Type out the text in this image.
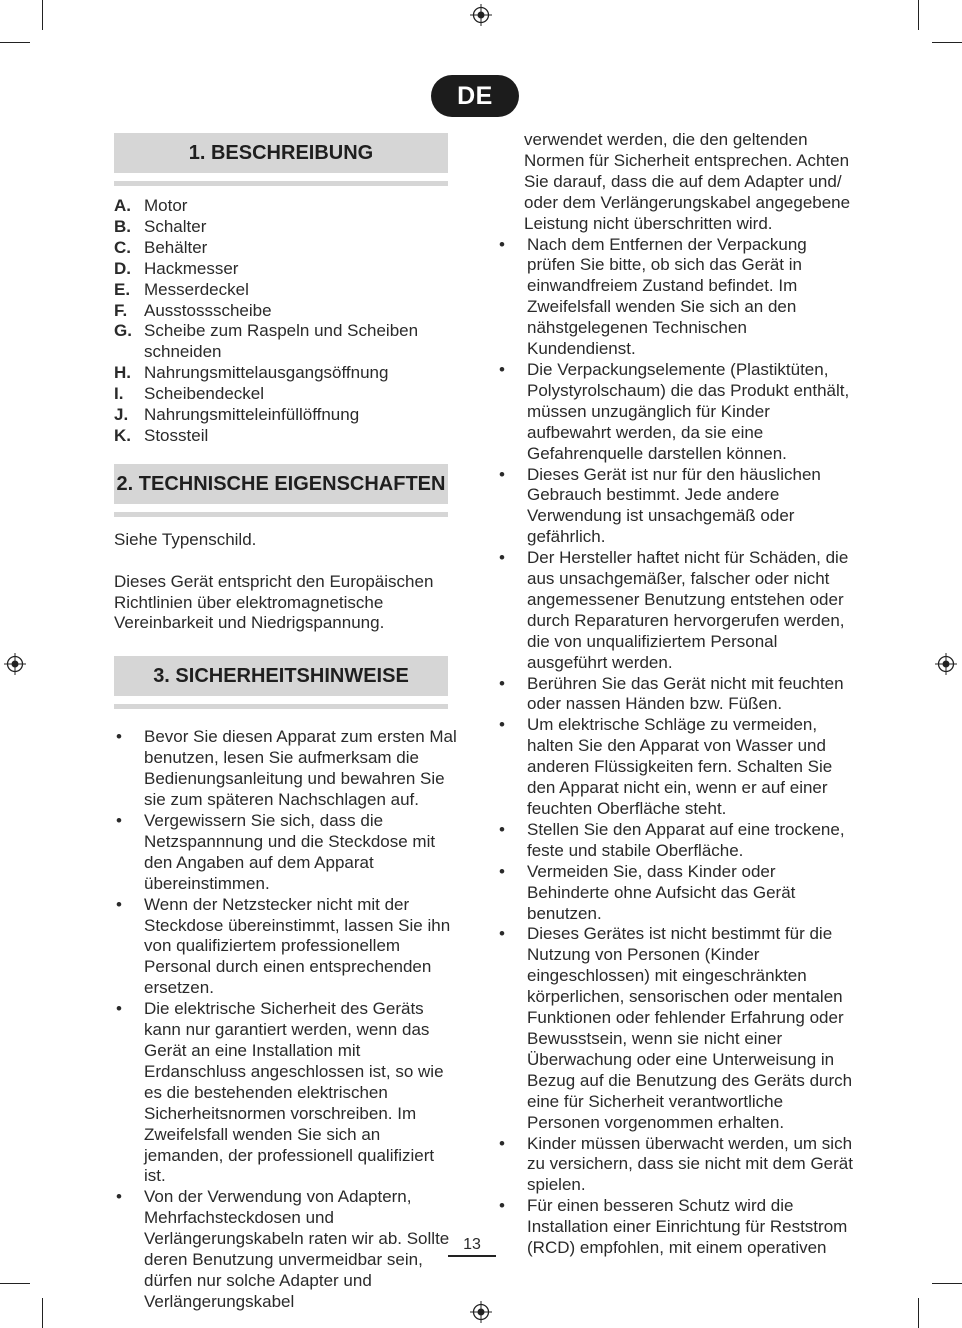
DE
1. BESCHREIBUNG
A. Motor
B. Schalter
C. Behälter
D. Hackmesser
E. Messerdeckel
F. Ausstossscheibe
G. Scheibe zum Raspeln und Scheiben schneiden
H. Nahrungsmittelausgangsöffnung
I.	Scheibendeckel
J. Nahrungsmitteleinfüllöffnung
K. Stossteil
2. TECHNISCHE EIGENSCHAFTEN

Siehe Typenschild.

Dieses Gerät entspricht den Europäischen Richtlinien über elektromagnetische Vereinbarkeit und Niedrigspannung.

3. SICHERHEITSHINWEISE
•	Bevor Sie diesen Apparat zum ersten Mal benutzen, lesen Sie aufmerksam die Bedienungsanleitung und bewahren Sie sie zum späteren Nachschlagen auf.
•	Vergewissern Sie sich, dass die Netzspannnung und die Steckdose mit den Angaben auf dem Apparat übereinstimmen.
•	Wenn der Netzstecker nicht mit der Steckdose übereinstimmt, lassen Sie ihn von qualifiziertem professionellem Personal durch einen entsprechenden ersetzen.
•	Die elektrische Sicherheit des Geräts kann nur garantiert werden, wenn das Gerät an eine Installation mit Erdanschluss angeschlossen ist, so wie es die bestehenden elektrischen Sicherheitsnormen vorschreiben. Im Zweifelsfall wenden Sie sich an jemanden, der professionell qualifiziert ist.
•	Von der Verwendung von Adaptern, Mehrfachsteckdosen und Verlängerungskabeln raten wir ab. Sollte deren Benutzung unvermeidbar sein, dürfen nur solche Adapter und Verlängerungskabel
verwendet werden, die den geltenden Normen für Sicherheit entsprechen. Achten Sie darauf, dass die auf dem Adapter und/ oder dem Verlängerungskabel angegebene Leistung nicht überschritten wird.
•	Nach dem Entfernen der Verpackung prüfen Sie bitte, ob sich das Gerät in einwandfreiem Zustand befindet. Im Zweifelsfall wenden Sie sich an den nähstgelegenen Technischen Kundendienst.
•	Die Verpackungselemente (Plastiktüten, Polystyrolschaum) die das Produkt enthält, müssen unzugänglich für Kinder aufbewahrt werden, da sie eine Gefahrenquelle darstellen können.
•	Dieses Gerät ist nur für den häuslichen Gebrauch bestimmt. Jede andere Verwendung ist unsachgemäß oder gefährlich.
•	Der Hersteller haftet nicht für Schäden, die aus unsachgemäßer, falscher oder nicht angemessener Benutzung entstehen oder durch Reparaturen hervorgerufen werden, die von unqualifiziertem Personal ausgeführt werden.
•	Berühren Sie das Gerät nicht mit feuchten oder nassen Händen bzw. Füßen.
•	Um elektrische Schläge zu vermeiden, halten Sie den Apparat von Wasser und anderen Flüssigkeiten fern. Schalten Sie den Apparat nicht ein, wenn er auf einer feuchten Oberfläche steht.
•	Stellen Sie den Apparat auf eine trockene, feste und stabile Oberfläche.
•	Vermeiden Sie, dass Kinder oder Behinderte ohne Aufsicht das Gerät benutzen.
•	Dieses Gerätes ist nicht bestimmt für die Nutzung von Personen (Kinder eingeschlossen) mit eingeschränkten körperlichen, sensorischen oder mentalen Funktionen oder fehlender Erfahrung oder Bewusstsein, wenn sie nicht einer Überwachung oder eine Unterweisung in Bezug auf die Benutzung des Geräts durch eine für Sicherheit verantwortliche Personen vorgenommen erhalten.
•	Kinder müssen überwacht werden, um sich zu versichern, dass sie nicht mit dem Gerät spielen.
•	Für einen besseren Schutz wird die Installation einer Einrichtung für Reststrom (RCD) empfohlen, mit einem operativen
13
